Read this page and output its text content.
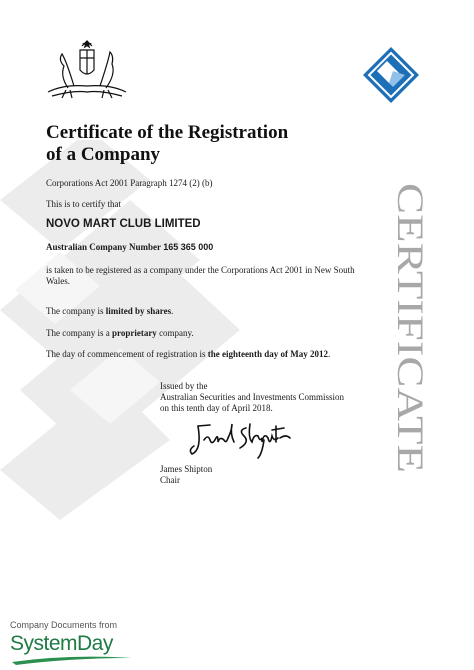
Certificate of the Registration
of a Company

Corporations Act 2001 Paragraph 1274 (2) (b)

This is to certify that

NOVO MART CLUB LIMITED

Australian Company Number 165 365 000

is taken to be registered as a company under the Corporations Act 2001 in New South
Wales.

The company is limited by shares.

The company is a proprietary company.

The day of commencement of registration is the eighteenth day of May 2012.

Issued by the
Australian Securities and Investments Commission
on this tenth day of April 2018.

James Shipton
Chair

CERTIFICATE

Company Documents from

SystemDay
